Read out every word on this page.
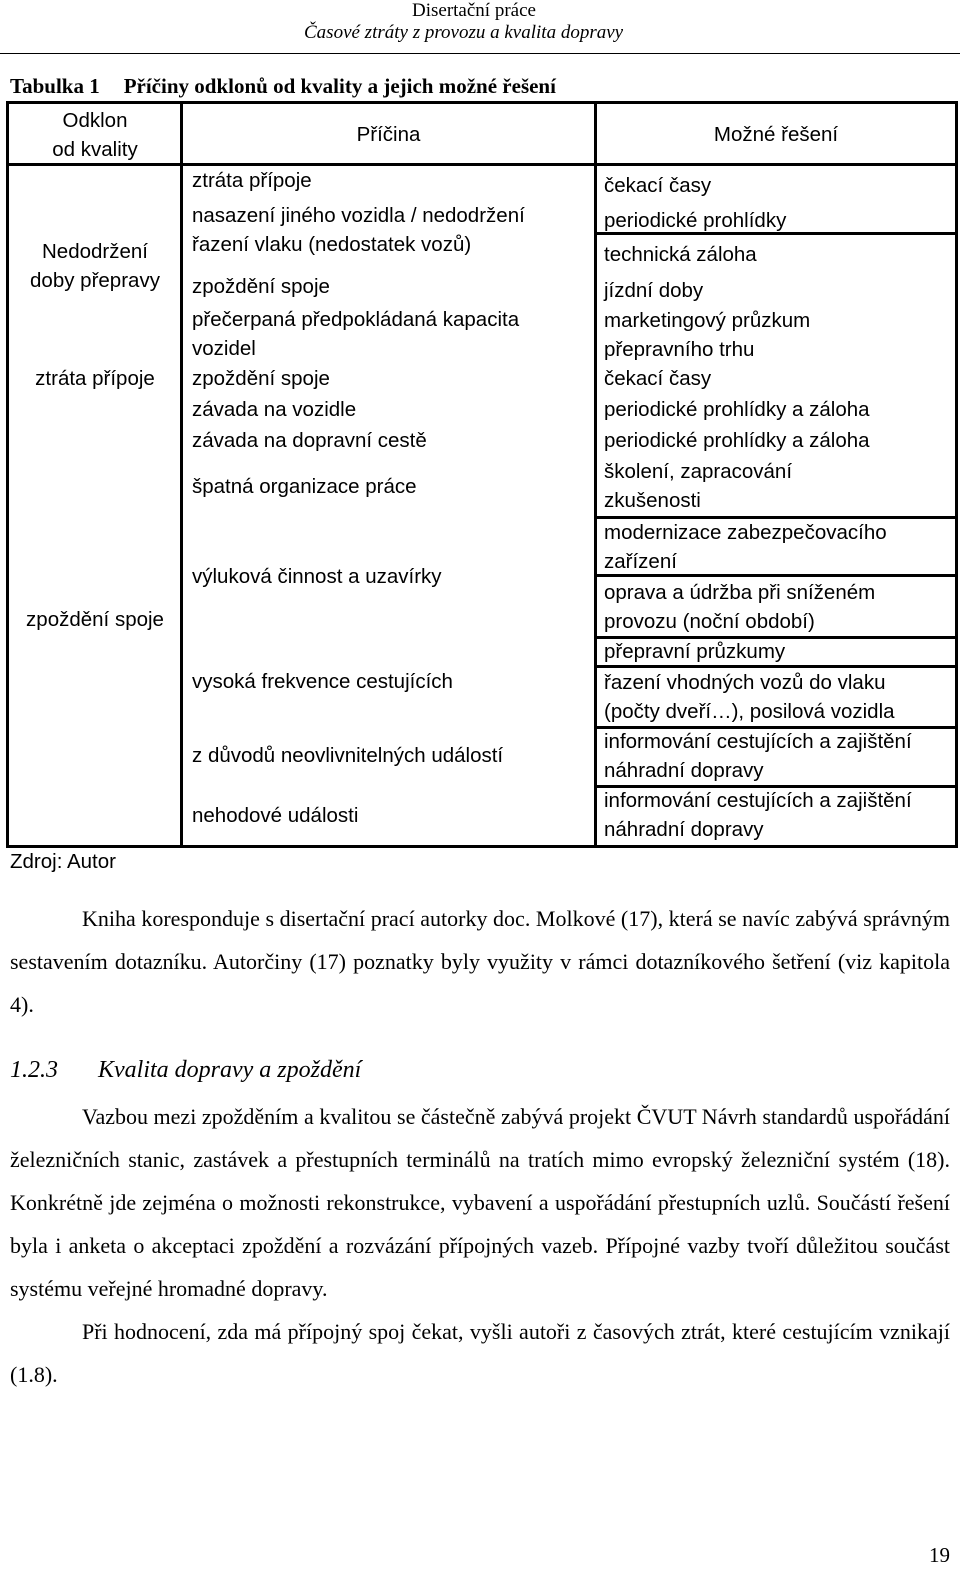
Disertační práce
Časové ztráty z provozu a kvalita dopravy
Tabulka 1 Příčiny odklonů od kvality a jejich možné řešení
Odklon
od kvality
Příčina	Možné řešení
Nedodržení
doby přepravy
ztráta přípoje
zpoždění spoje
ztráta přípoje
nasazení jiného vozidla / nedodržení
řazení vlaku (nedostatek vozů)
zpoždění spoje
přečerpaná předpokládaná kapacita
vozidel
zpoždění spoje
závada na vozidle
závada na dopravní cestě
špatná organizace práce
výluková činnost a uzavírky
vysoká frekvence cestujících
z důvodů neovlivnitelných událostí
nehodové události
čekací časy
periodické prohlídky
technická záloha
jízdní doby
marketingový průzkum
přepravního trhu
čekací časy
periodické prohlídky a záloha
periodické prohlídky a záloha
školení, zapracování
zkušenosti
modernizace zabezpečovacího
zařízení
oprava a údržba při sníženém
provozu (noční období)
přepravní průzkumy
řazení vhodných vozů do vlaku
(počty dveří…), posilová vozidla
informování cestujících a zajištění
náhradní dopravy
informování cestujících a zajištění
náhradní dopravy
Zdroj: Autor

Kniha koresponduje s disertační prací autorky doc. Molkové (17), která se navíc zabývá správným sestavením dotazníku. Autorčiny (17) poznatky byly využity v rámci dotazníkového šetření (viz kapitola 4).

1.2.3 Kvalita dopravy a zpoždění

Vazbou mezi zpožděním a kvalitou se částečně zabývá projekt ČVUT Návrh standardů uspořádání železničních stanic, zastávek a přestupních terminálů na tratích mimo evropský železniční systém (18). Konkrétně jde zejména o možnosti rekonstrukce, vybavení a uspořádání přestupních uzlů. Součástí řešení byla i anketa o akceptaci zpoždění a rozvázání přípojných vazeb. Přípojné vazby tvoří důležitou součást systému veřejné hromadné dopravy.

Při hodnocení, zda má přípojný spoj čekat, vyšli autoři z časových ztrát, které cestujícím vznikají (1.8).

19
